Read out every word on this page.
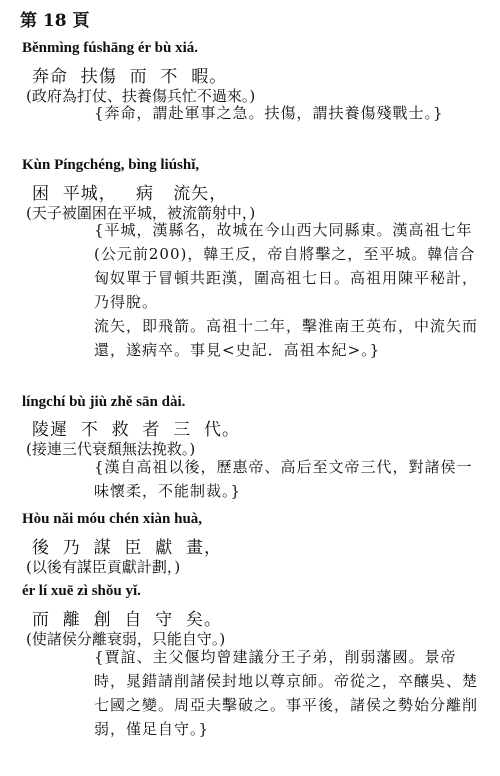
第 18 頁
Běnmìng fúshāng ér bù xiá.
奔命  扶傷  而  不  暇。
(政府為打仗、扶養傷兵忙不過來。)

{奔命，謂赴軍事之急。扶傷，謂扶養傷殘戰士。}

Kùn Píngchéng, bìng liúshǐ,
困  平城，   病   流矢，
(天子被圍困在平城，被流箭射中，)

{平城，漢縣名，故城在今山西大同縣東。漢高祖七年(公元前200)，韓王反，帝自將擊之，至平城。韓信合匈奴單于冒頓共距漢，圍高祖七日。高祖用陳平秘計，乃得脫。

流矢，即飛箭。高祖十二年，擊淮南王英布，中流矢而還，遂病卒。事見<史記．高祖本紀>。}

língchí bù jiù zhě sān dài.
陵遲  不  救  者  三  代。
(接連三代衰頹無法挽救。)

{漢自高祖以後，歷惠帝、高后至文帝三代，對諸侯一味懷柔，不能制裁。}

Hòu nǎi móu chén xiàn huà,
後  乃  謀  臣  獻  畫，
(以後有謀臣貢獻計劃，)
ér lí xuē zì shǒu yǐ.
而  離  創  自  守  矣。
(使諸侯分離衰弱，只能自守。)

{賈誼、主父偃均曾建議分王子弟，削弱藩國。景帝時，晁錯請削諸侯封地以尊京師。帝從之，卒釀吳、楚七國之變。周亞夫擊破之。事平後，諸侯之勢始分離削弱，僅足自守。}
